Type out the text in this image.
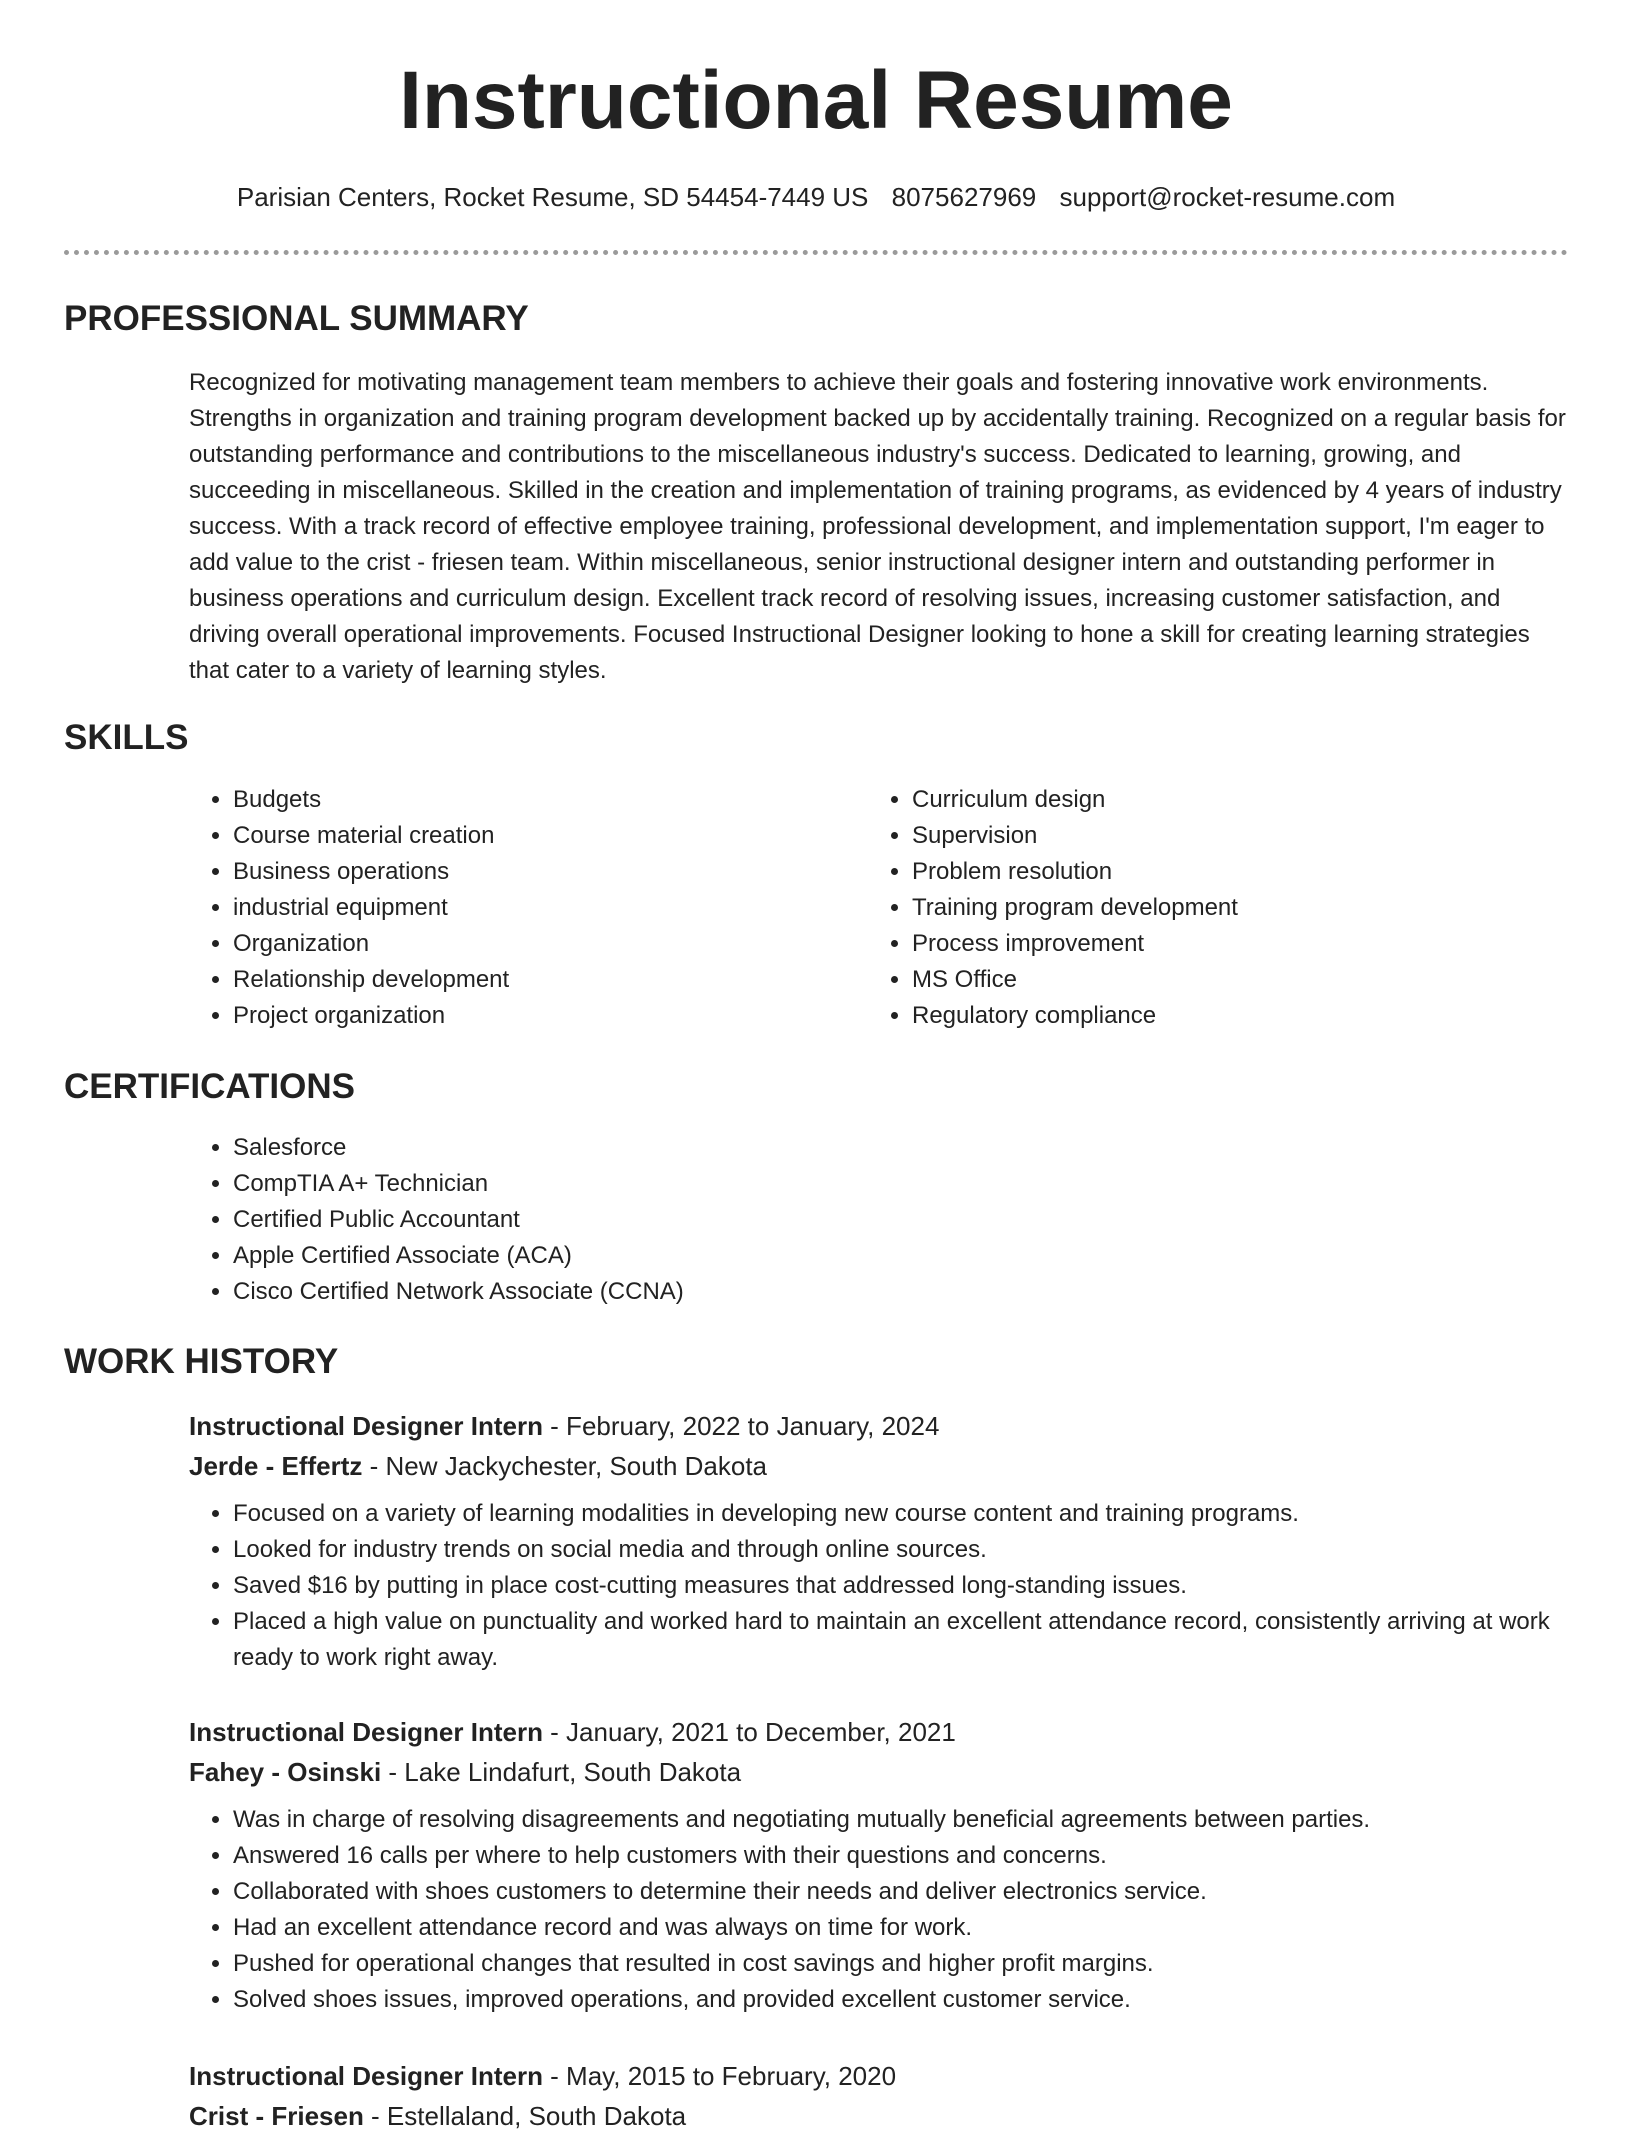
Instructional Resume
Parisian Centers, Rocket Resume, SD 54454-7449 US 8075627969 support@rocket-resume.com
PROFESSIONAL SUMMARY

Recognized for motivating management team members to achieve their goals and fostering innovative work environments. Strengths in organization and training program development backed up by accidentally training. Recognized on a regular basis for outstanding performance and contributions to the miscellaneous industry's success. Dedicated to learning, growing, and succeeding in miscellaneous. Skilled in the creation and implementation of training programs, as evidenced by 4 years of industry success. With a track record of effective employee training, professional development, and implementation support, I'm eager to add value to the crist - friesen team. Within miscellaneous, senior instructional designer intern and outstanding performer in business operations and curriculum design. Excellent track record of resolving issues, increasing customer satisfaction, and driving overall operational improvements. Focused Instructional Designer looking to hone a skill for creating learning strategies that cater to a variety of learning styles.

SKILLS
• Budgets
• Course material creation
• Business operations
• industrial equipment
• Organization
• Relationship development
• Project organization
• Curriculum design
• Supervision
• Problem resolution
• Training program development
• Process improvement
• MS Office
• Regulatory compliance
CERTIFICATIONS
• Salesforce
• CompTIA A+ Technician
• Certified Public Accountant
• Apple Certified Associate (ACA)
• Cisco Certified Network Associate (CCNA)
WORK HISTORY
Instructional Designer Intern - February, 2022 to January, 2024
Jerde - Effertz - New Jackychester, South Dakota
• Focused on a variety of learning modalities in developing new course content and training programs.
• Looked for industry trends on social media and through online sources.
• Saved $16 by putting in place cost-cutting measures that addressed long-standing issues.
• Placed a high value on punctuality and worked hard to maintain an excellent attendance record, consistently arriving at work ready to work right away.
Instructional Designer Intern - January, 2021 to December, 2021
Fahey - Osinski - Lake Lindafurt, South Dakota
• Was in charge of resolving disagreements and negotiating mutually beneficial agreements between parties.
• Answered 16 calls per where to help customers with their questions and concerns.
• Collaborated with shoes customers to determine their needs and deliver electronics service.
• Had an excellent attendance record and was always on time for work.
• Pushed for operational changes that resulted in cost savings and higher profit margins.
• Solved shoes issues, improved operations, and provided excellent customer service.
Instructional Designer Intern - May, 2015 to February, 2020
Crist - Friesen - Estellaland, South Dakota
